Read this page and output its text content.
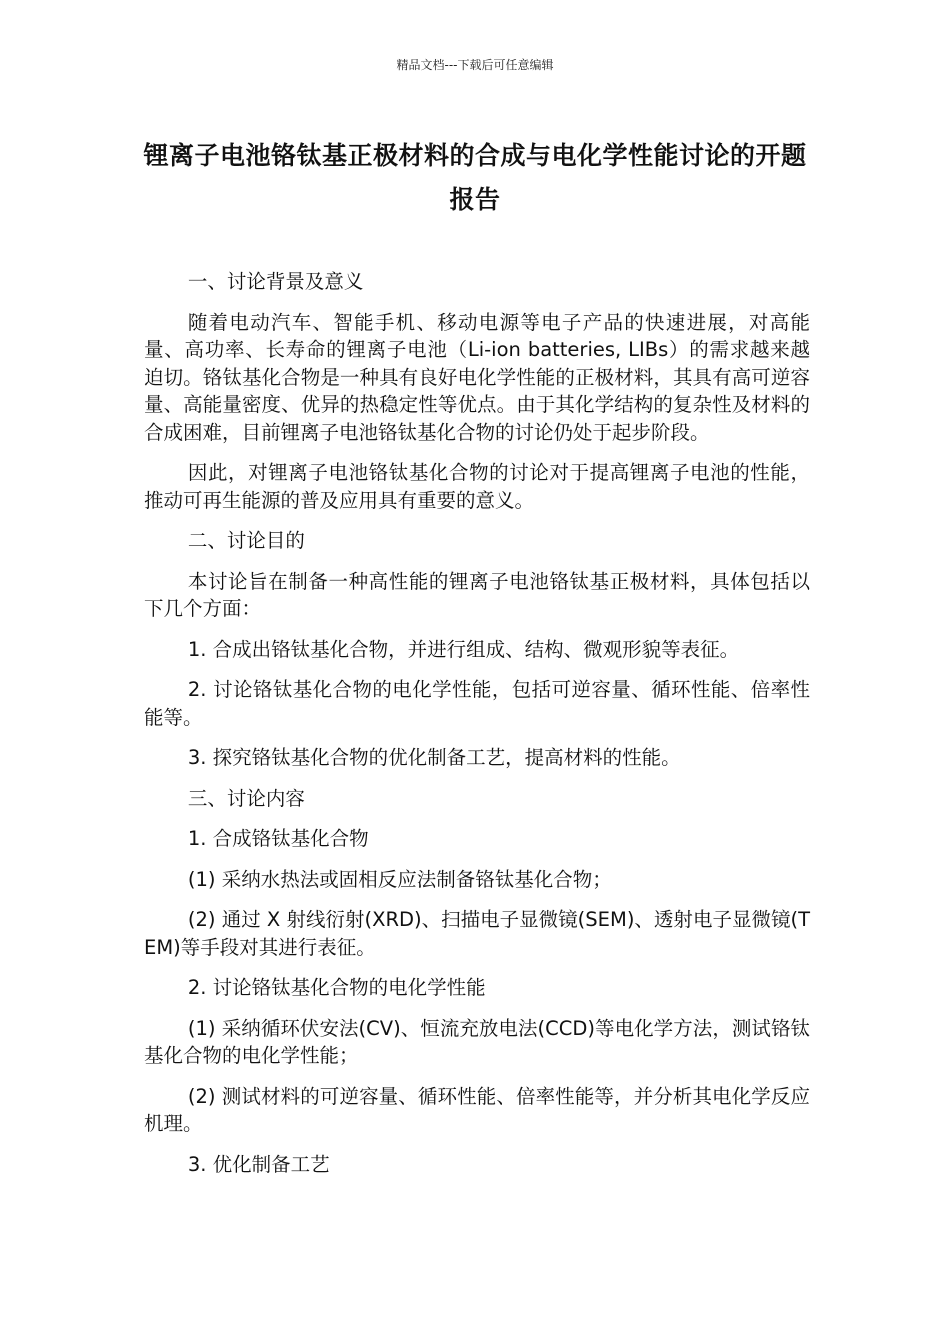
精品文档---下载后可任意编辑
锂离子电池铬钛基正极材料的合成与电化学性能讨论的开题报告

一、讨论背景及意义

随着电动汽车、智能手机、移动电源等电子产品的快速进展，对高能量、高功率、长寿命的锂离子电池（Li-ion batteries, LIBs）的需求越来越迫切。铬钛基化合物是一种具有良好电化学性能的正极材料，其具有高可逆容量、高能量密度、优异的热稳定性等优点。由于其化学结构的复杂性及材料的合成困难，目前锂离子电池铬钛基化合物的讨论仍处于起步阶段。

因此，对锂离子电池铬钛基化合物的讨论对于提高锂离子电池的性能，推动可再生能源的普及应用具有重要的意义。

二、讨论目的

本讨论旨在制备一种高性能的锂离子电池铬钛基正极材料，具体包括以下几个方面：

1. 合成出铬钛基化合物，并进行组成、结构、微观形貌等表征。

2. 讨论铬钛基化合物的电化学性能，包括可逆容量、循环性能、倍率性能等。

3. 探究铬钛基化合物的优化制备工艺，提高材料的性能。

三、讨论内容

1. 合成铬钛基化合物

(1) 采纳水热法或固相反应法制备铬钛基化合物；

(2) 通过 X 射线衍射(XRD)、扫描电子显微镜(SEM)、透射电子显微镜(TEM)等手段对其进行表征。

2. 讨论铬钛基化合物的电化学性能

(1) 采纳循环伏安法(CV)、恒流充放电法(CCD)等电化学方法，测试铬钛基化合物的电化学性能；

(2) 测试材料的可逆容量、循环性能、倍率性能等，并分析其电化学反应机理。

3. 优化制备工艺
